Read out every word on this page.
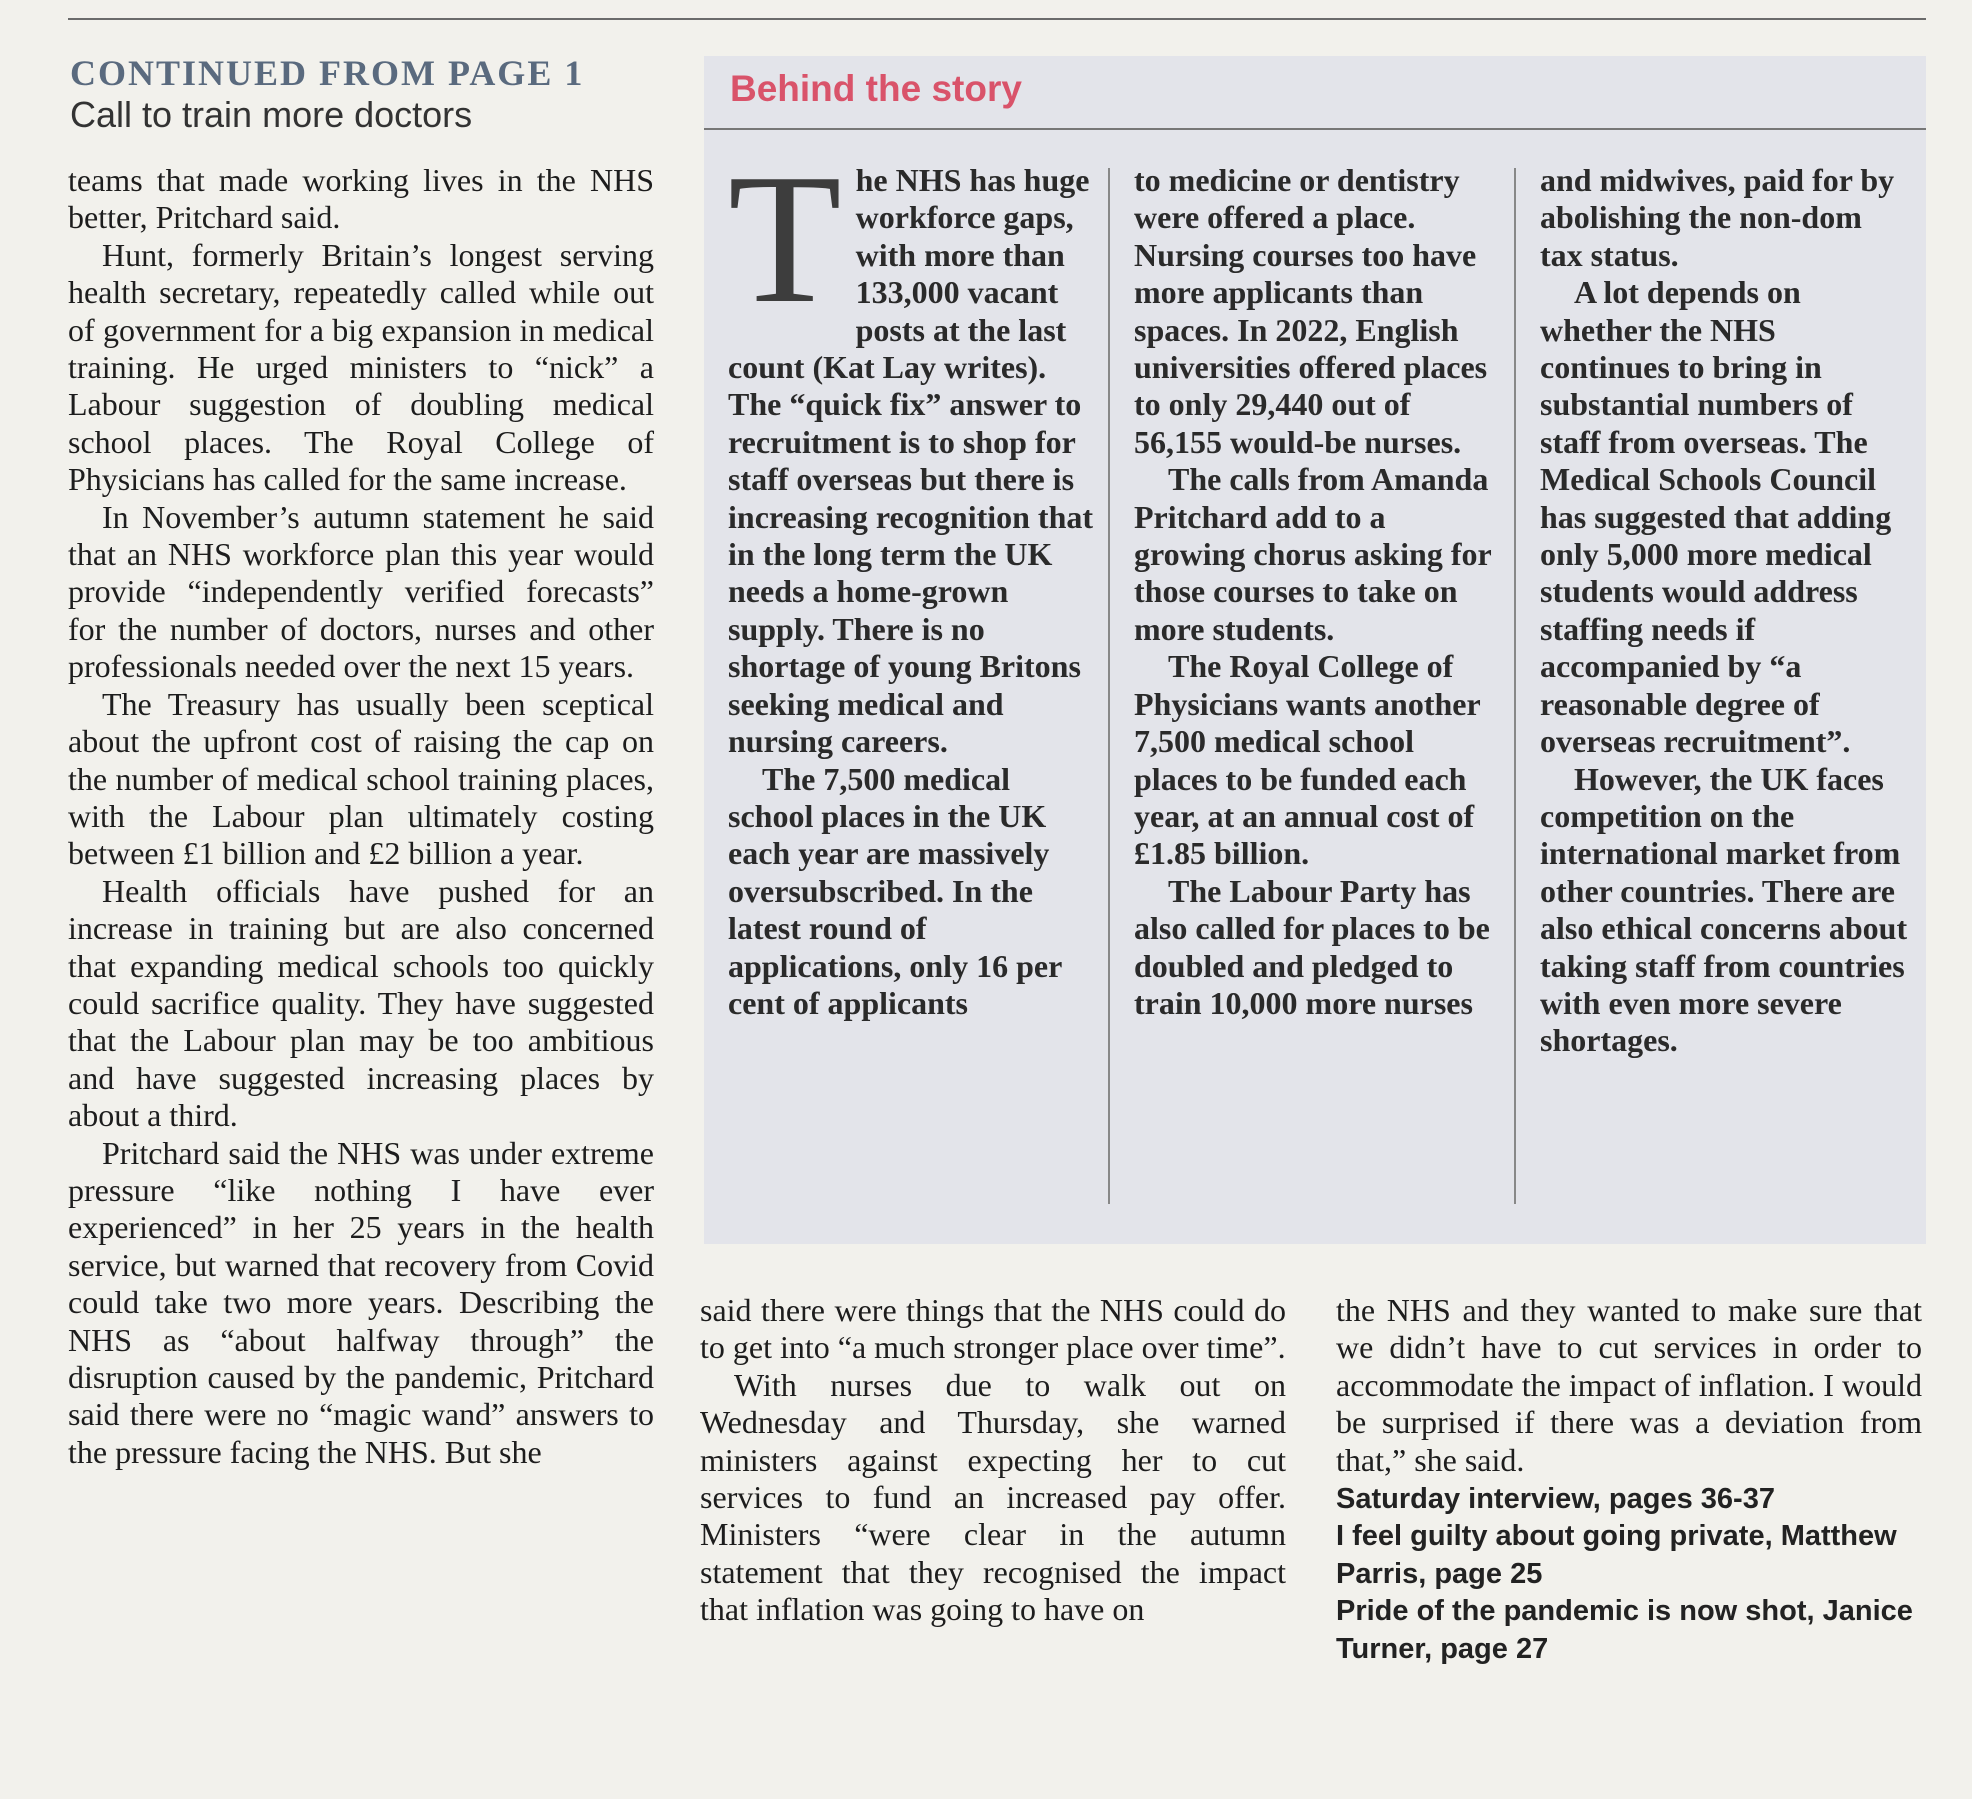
CONTINUED FROM PAGE 1
Call to train more doctors

teams that made working lives in the NHS better, Pritchard said.

Hunt, formerly Britain’s longest serving health secretary, repeatedly called while out of government for a big expansion in medical training. He urged ministers to “nick” a Labour suggestion of doubling medical school places. The Royal College of Physicians has called for the same increase.

In November’s autumn statement he said that an NHS workforce plan this year would provide “independently verified forecasts” for the number of doctors, nurses and other professionals needed over the next 15 years.

The Treasury has usually been sceptical about the upfront cost of raising the cap on the number of medical school training places, with the Labour plan ultimately costing between £1 billion and £2 billion a year.

Health officials have pushed for an increase in training but are also concerned that expanding medical schools too quickly could sacrifice quality. They have suggested that the Labour plan may be too ambitious and have suggested increasing places by about a third.

Pritchard said the NHS was under extreme pressure “like nothing I have ever experienced” in her 25 years in the health service, but warned that recovery from Covid could take two more years. Describing the NHS as “about halfway through” the disruption caused by the pandemic, Pritchard said there were no “magic wand” answers to the pressure facing the NHS. But she

Behind the story

The NHS has huge workforce gaps, with more than 133,000 vacant posts at the last count (Kat Lay writes). The “quick fix” answer to recruitment is to shop for staff overseas but there is increasing recognition that in the long term the UK needs a home-grown supply. There is no shortage of young Britons seeking medical and nursing careers.

The 7,500 medical school places in the UK each year are massively oversubscribed. In the latest round of applications, only 16 per cent of applicants

to medicine or dentistry were offered a place. Nursing courses too have more applicants than spaces. In 2022, English universities offered places to only 29,440 out of 56,155 would-be nurses.

The calls from Amanda Pritchard add to a growing chorus asking for those courses to take on more students.

The Royal College of Physicians wants another 7,500 medical school places to be funded each year, at an annual cost of £1.85 billion.

The Labour Party has also called for places to be doubled and pledged to train 10,000 more nurses

and midwives, paid for by abolishing the non-dom tax status.

A lot depends on whether the NHS continues to bring in substantial numbers of staff from overseas. The Medical Schools Council has suggested that adding only 5,000 more medical students would address staffing needs if accompanied by “a reasonable degree of overseas recruitment”.

However, the UK faces competition on the international market from other countries. There are also ethical concerns about taking staff from countries with even more severe shortages.

said there were things that the NHS could do to get into “a much stronger place over time”.

With nurses due to walk out on Wednesday and Thursday, she warned ministers against expecting her to cut services to fund an increased pay offer. Ministers “were clear in the autumn statement that they recognised the impact that inflation was going to have on

the NHS and they wanted to make sure that we didn’t have to cut services in order to accommodate the impact of inflation. I would be surprised if there was a deviation from that,” she said.

Saturday interview, pages 36-37
I feel guilty about going private, Matthew Parris, page 25
Pride of the pandemic is now shot, Janice Turner, page 27
